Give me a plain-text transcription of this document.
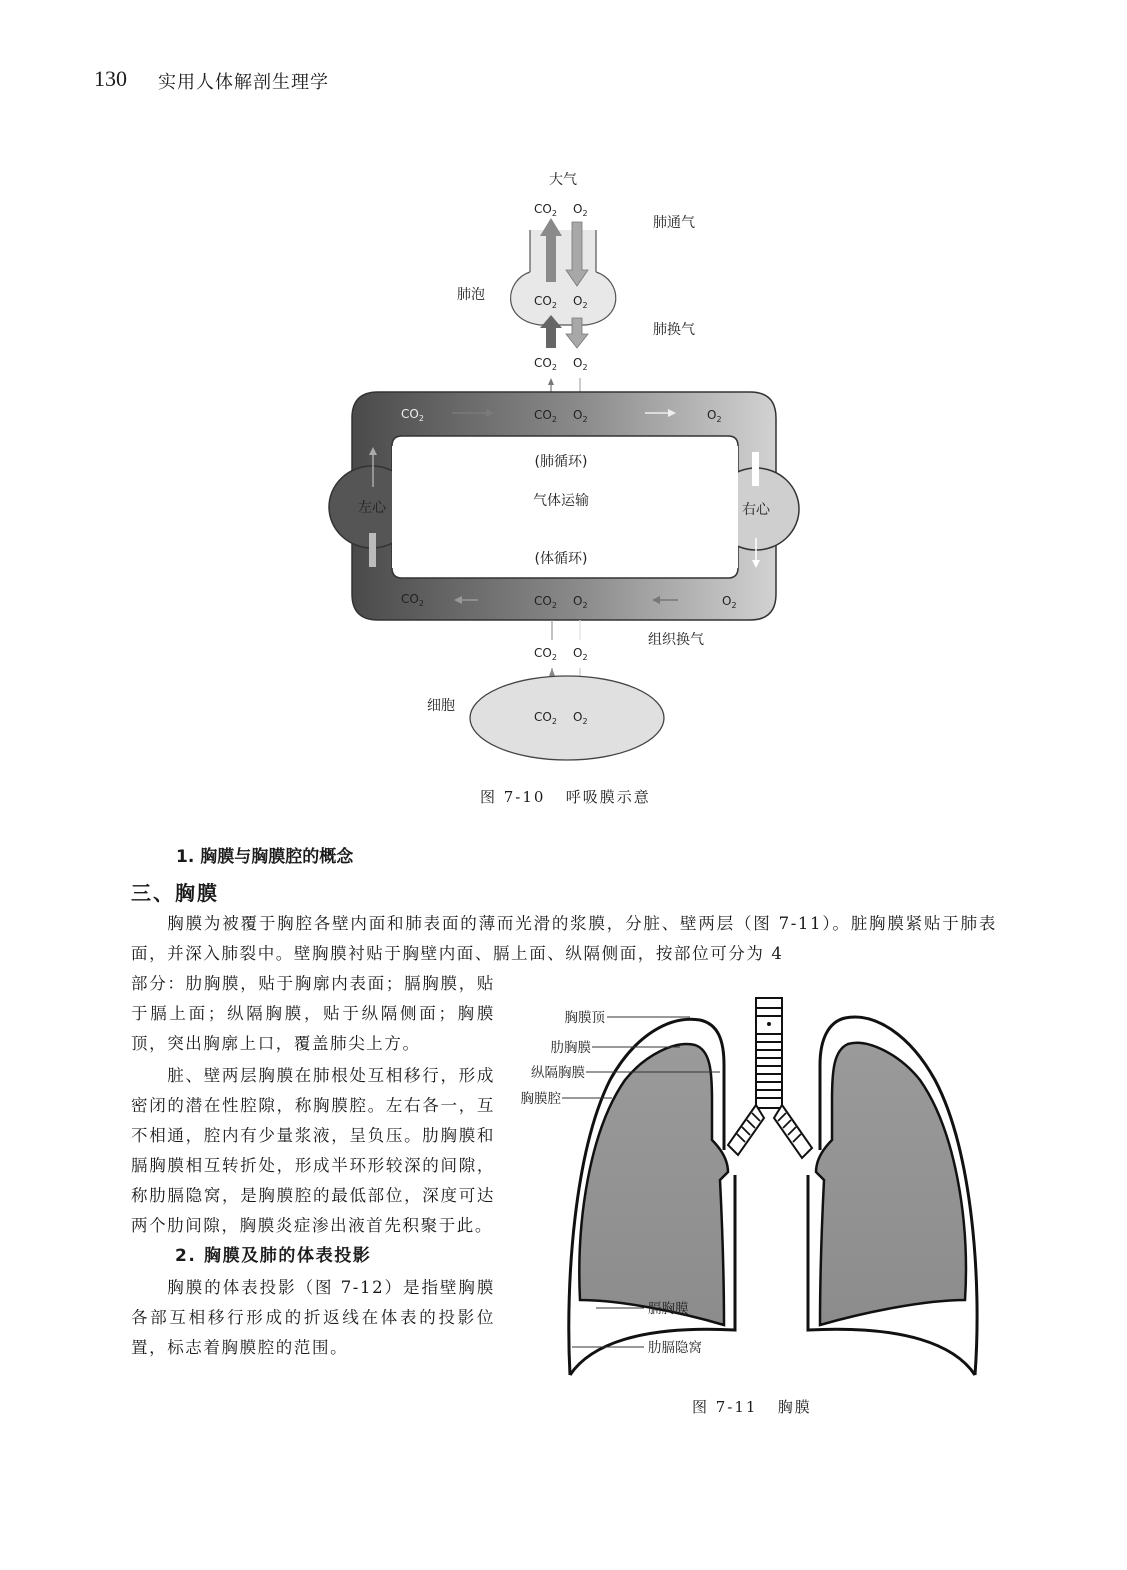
130 实用人体解剖生理学
大气
肺通气
肺泡
肺换气
(肺循环)
气体运输
(体循环)
左心	右心
组织换气
细胞
$CO_2$ $O_2$
$CO_2$ $O_2$
$CO_2$ $O_2$
$CO_2$	$CO_2$ $O_2$	$O_2$
$CO_2$	$CO_2$ $O_2$	$O_2$
$CO_2$ $O_2$
$CO_2$ $O_2$
图 7-10 呼吸膜示意
1. 胸膜与胸膜腔的概念
三、胸膜

胸膜为被覆于胸腔各壁内面和肺表面的薄而光滑的浆膜，分脏、壁两层（图 7-11）。脏胸膜紧贴于肺表面，并深入肺裂中。壁胸膜衬贴于胸壁内面、膈上面、纵隔侧面，按部位可分为 4

部分：肋胸膜，贴于胸廓内表面；膈胸膜，贴于膈上面；纵隔胸膜，贴于纵隔侧面；胸膜顶，突出胸廓上口，覆盖肺尖上方。

脏、壁两层胸膜在肺根处互相移行，形成密闭的潜在性腔隙，称胸膜腔。左右各一，互不相通，腔内有少量浆液，呈负压。肋胸膜和膈胸膜相互转折处，形成半环形较深的间隙，称肋膈隐窝，是胸膜腔的最低部位，深度可达两个肋间隙，胸膜炎症渗出液首先积聚于此。

2. 胸膜及肺的体表投影

胸膜的体表投影（图 7-12）是指壁胸膜各部互相移行形成的折返线在体表的投影位置，标志着胸膜腔的范围。

胸膜顶
肋胸膜
纵隔胸膜
胸膜腔
膈胸膜
肋膈隐窝
图 7-11 胸膜
